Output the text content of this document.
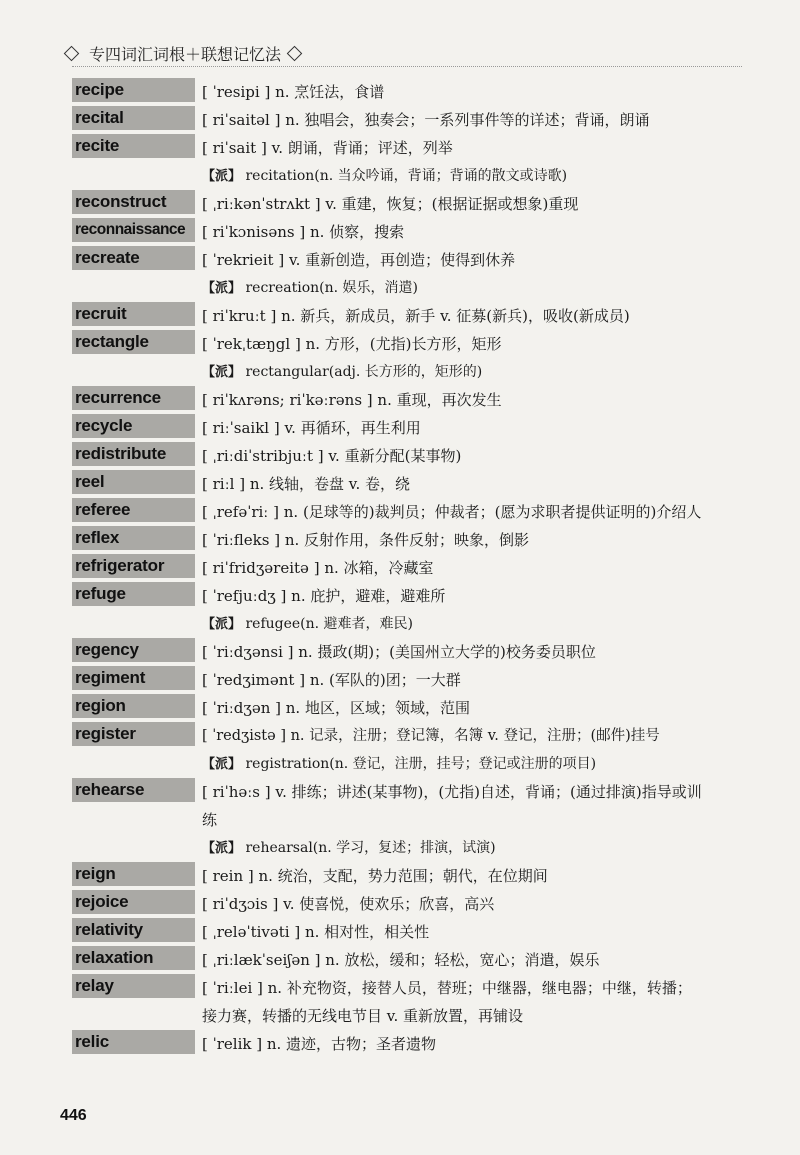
专四词汇词根＋联想记忆法
recipe	[ ˈresipi ] n. 烹饪法，食谱
recital	[ riˈsaitəl ] n. 独唱会，独奏会；一系列事件等的详述；背诵，朗诵
recite	[ riˈsait ] v. 朗诵，背诵；评述，列举
【派】 recitation(n. 当众吟诵，背诵；背诵的散文或诗歌)
reconstruct	[ ˌriːkənˈstrʌkt ] v. 重建，恢复；(根据证据或想象)重现
reconnaissance	[ riˈkɔnisəns ] n. 侦察，搜索
recreate	[ ˈrekrieit ] v. 重新创造，再创造；使得到休养
【派】 recreation(n. 娱乐，消遣)
recruit	[ riˈkruːt ] n. 新兵，新成员，新手 v. 征募(新兵)，吸收(新成员)
rectangle	[ ˈrekˌtæŋgl ] n. 方形，(尤指)长方形，矩形
【派】 rectangular(adj. 长方形的，矩形的)
recurrence	[ riˈkʌrəns; riˈkəːrəns ] n. 重现，再次发生
recycle	[ riːˈsaikl ] v. 再循环，再生利用
redistribute	[ ˌriːdiˈstribjuːt ] v. 重新分配(某事物)
reel	[ riːl ] n. 线轴，卷盘 v. 卷，绕
referee	[ ˌrefəˈriː ] n. (足球等的)裁判员；仲裁者；(愿为求职者提供证明的)介绍人
reflex	[ ˈriːfleks ] n. 反射作用，条件反射；映象，倒影
refrigerator	[ riˈfridʒəreitə ] n. 冰箱，冷藏室
refuge	[ ˈrefjuːdʒ ] n. 庇护，避难，避难所
【派】 refugee(n. 避难者，难民)
regency	[ ˈriːdʒənsi ] n. 摄政(期)；(美国州立大学的)校务委员职位
regiment	[ ˈredʒimənt ] n. (军队的)团；一大群
region	[ ˈriːdʒən ] n. 地区，区域；领域，范围
register	[ ˈredʒistə ] n. 记录，注册；登记簿，名簿 v. 登记，注册；(邮件)挂号
【派】 registration(n. 登记，注册，挂号；登记或注册的项目)
rehearse	[ riˈhəːs ] v. 排练；讲述(某事物)，(尤指)自述，背诵；(通过排演)指导或训练
【派】 rehearsal(n. 学习，复述；排演，试演)
reign	[ rein ] n. 统治，支配，势力范围；朝代，在位期间
rejoice	[ riˈdʒɔis ] v. 使喜悦，使欢乐；欣喜，高兴
relativity	[ ˌreləˈtivəti ] n. 相对性，相关性
relaxation	[ ˌriːlækˈseiʃən ] n. 放松，缓和；轻松，宽心；消遣，娱乐
relay	[ ˈriːlei ] n. 补充物资，接替人员，替班；中继器，继电器；中继，转播；接力赛，转播的无线电节目 v. 重新放置，再铺设
relic	[ ˈrelik ] n. 遗迹，古物；圣者遗物
446
